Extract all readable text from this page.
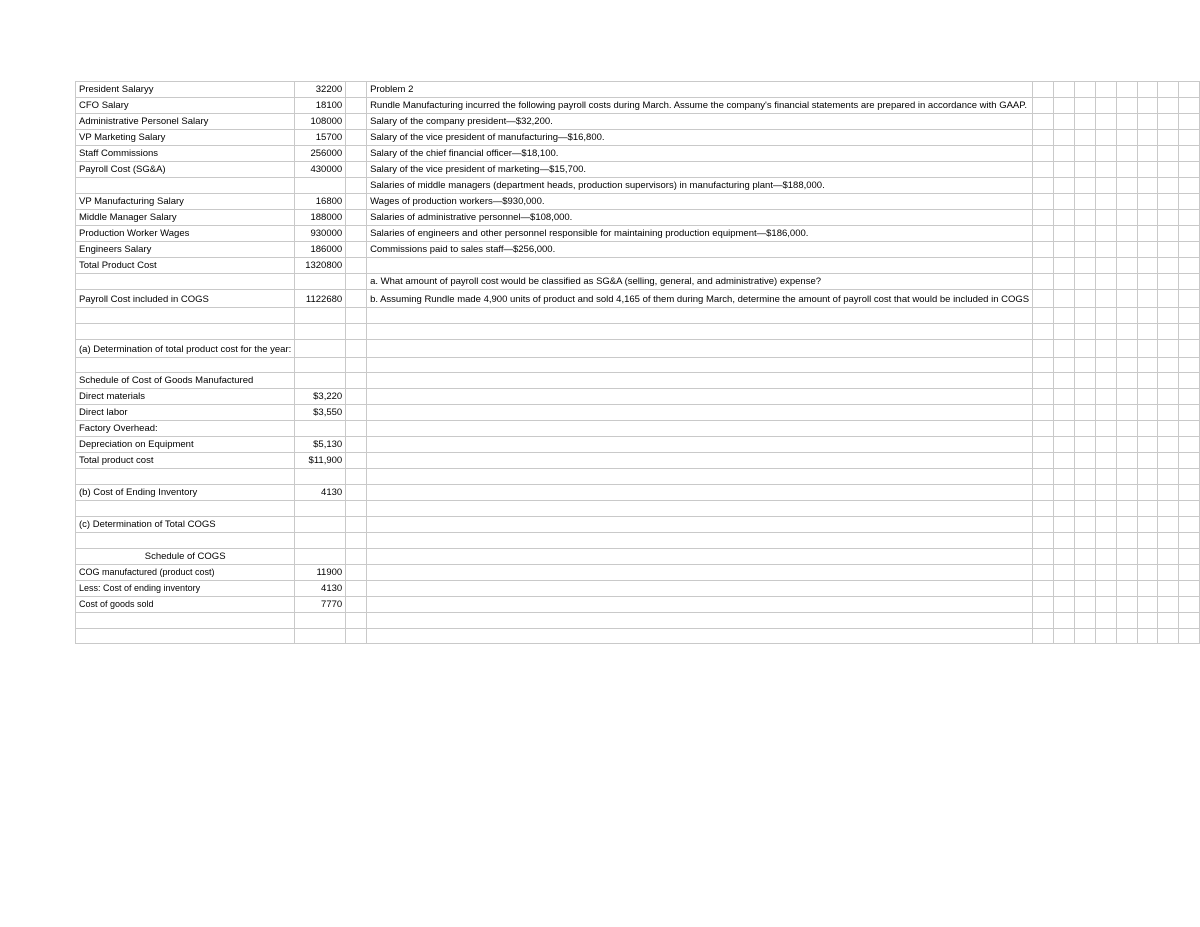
President Salaryy	32200		Problem 2								
CFO Salary	18100		Rundle Manufacturing incurred the following payroll costs during March. Assume the company's financial statements are prepared in accordance with GAAP.								
Administrative Personel Salary	108000		Salary of the company president—$32,200.								
VP Marketing Salary	15700		Salary of the vice president of manufacturing—$16,800.								
Staff Commissions	256000		Salary of the chief financial officer—$18,100.								
Payroll Cost (SG&A)	430000		Salary of the vice president of marketing—$15,700.								
			Salaries of middle managers (department heads, production supervisors) in manufacturing plant—$188,000.								
VP Manufacturing Salary	16800		Wages of production workers—$930,000.								
Middle Manager Salary	188000		Salaries of administrative personnel—$108,000.								
Production Worker Wages	930000		Salaries of engineers and other personnel responsible for maintaining production equipment—$186,000.								
Engineers Salary	186000		Commissions paid to sales staff—$256,000.								
Total Product Cost	1320800										
			a. What amount of payroll cost would be classified as SG&A (selling, general, and administrative) expense?								
Payroll Cost included in COGS	1122680		b. Assuming Rundle made 4,900 units of product and sold 4,165 of them during March, determine the amount of payroll cost that would be included in COGS								

(a) Determination of total product cost for the year:											

Schedule of Cost of Goods Manufactured											
Direct materials	$3,220										
Direct labor	$3,550										
Factory Overhead:											
Depreciation on Equipment	$5,130										
Total product cost	$11,900										

(b) Cost of Ending Inventory	4130										

(c) Determination of Total COGS											

Schedule of COGS											
COG manufactured (product cost)	11900										
Less: Cost of ending inventory	4130										
Cost of goods sold	7770										
